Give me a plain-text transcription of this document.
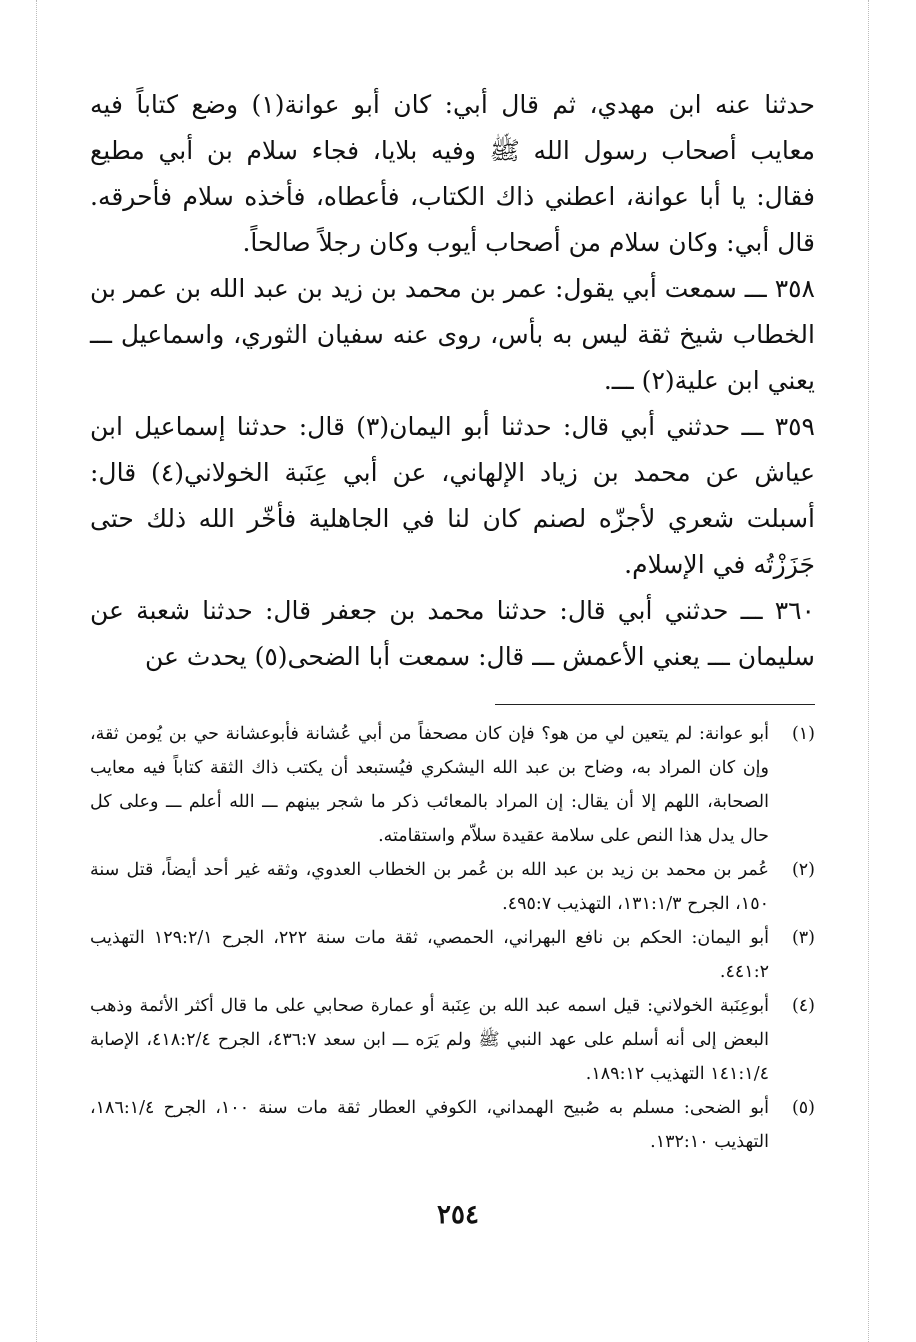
حدثنا عنه ابن مهدي، ثم قال أبي: كان أبو عوانة(١) وضع كتاباً فيه معايب أصحاب رسول الله ﷺ وفيه بلايا، فجاء سلام بن أبي مطيع فقال: يا أبا عوانة، اعطني ذاك الكتاب، فأعطاه، فأخذه سلام فأحرقه. قال أبي: وكان سلام من أصحاب أيوب وكان رجلاً صالحاً.

٣٥٨ ـــ سمعت أبي يقول: عمر بن محمد بن زيد بن عبد الله بن عمر بن الخطاب شيخ ثقة ليس به بأس، روى عنه سفيان الثوري، واسماعيل ـــ يعني ابن علية(٢) ـــ.

٣٥٩ ـــ حدثني أبي قال: حدثنا أبو اليمان(٣) قال: حدثنا إسماعيل ابن عياش عن محمد بن زياد الإلهاني، عن أبي عِنَبة الخولاني(٤) قال: أسبلت شعري لأجزّه لصنم كان لنا في الجاهلية فأخّر الله ذلك حتى جَزَزْتُه في الإسلام.

٣٦٠ ـــ حدثني أبي قال: حدثنا محمد بن جعفر قال: حدثنا شعبة عن سليمان ـــ يعني الأعمش ـــ قال: سمعت أبا الضحى(٥) يحدث عن

(١)
أبو عوانة: لم يتعين لي من هو؟ فإن كان مصحفاً من أبي عُشانة فأبوعشانة حي بن يُومن ثقة، وإن كان المراد به، وضاح بن عبد الله اليشكري فيُستبعد أن يكتب ذاك الثقة كتاباً فيه معايب الصحابة، اللهم إلا أن يقال: إن المراد بالمعائب ذكر ما شجر بينهم ـــ الله أعلم ـــ وعلى كل حال يدل هذا النص على سلامة عقيدة سلاّم واستقامته.
(٢)
عُمر بن محمد بن زيد بن عبد الله بن عُمر بن الخطاب العدوي، وثقه غير أحد أيضاً، قتل سنة ١٥٠، الجرح ١٣١:١/٣، التهذيب ٤٩٥:٧.
(٣)
أبو اليمان: الحكم بن نافع البهراني، الحمصي، ثقة مات سنة ٢٢٢، الجرح ١٢٩:٢/١ التهذيب ٤٤١:٢.
(٤)
أبوعِنَبة الخولاني: قيل اسمه عبد الله بن عِنَبة أو عمارة صحابي على ما قال أكثر الأئمة وذهب البعض إلى أنه أسلم على عهد النبي ﷺ ولم يَرَه ـــ ابن سعد ٤٣٦:٧، الجرح ٤١٨:٢/٤، الإصابة ١٤١:١/٤ التهذيب ١٨٩:١٢.
(٥)
أبو الضحى: مسلم به صُبيح الهمداني، الكوفي العطار ثقة مات سنة ١٠٠، الجرح ١٨٦:١/٤، التهذيب ١٣٢:١٠.
٢٥٤
